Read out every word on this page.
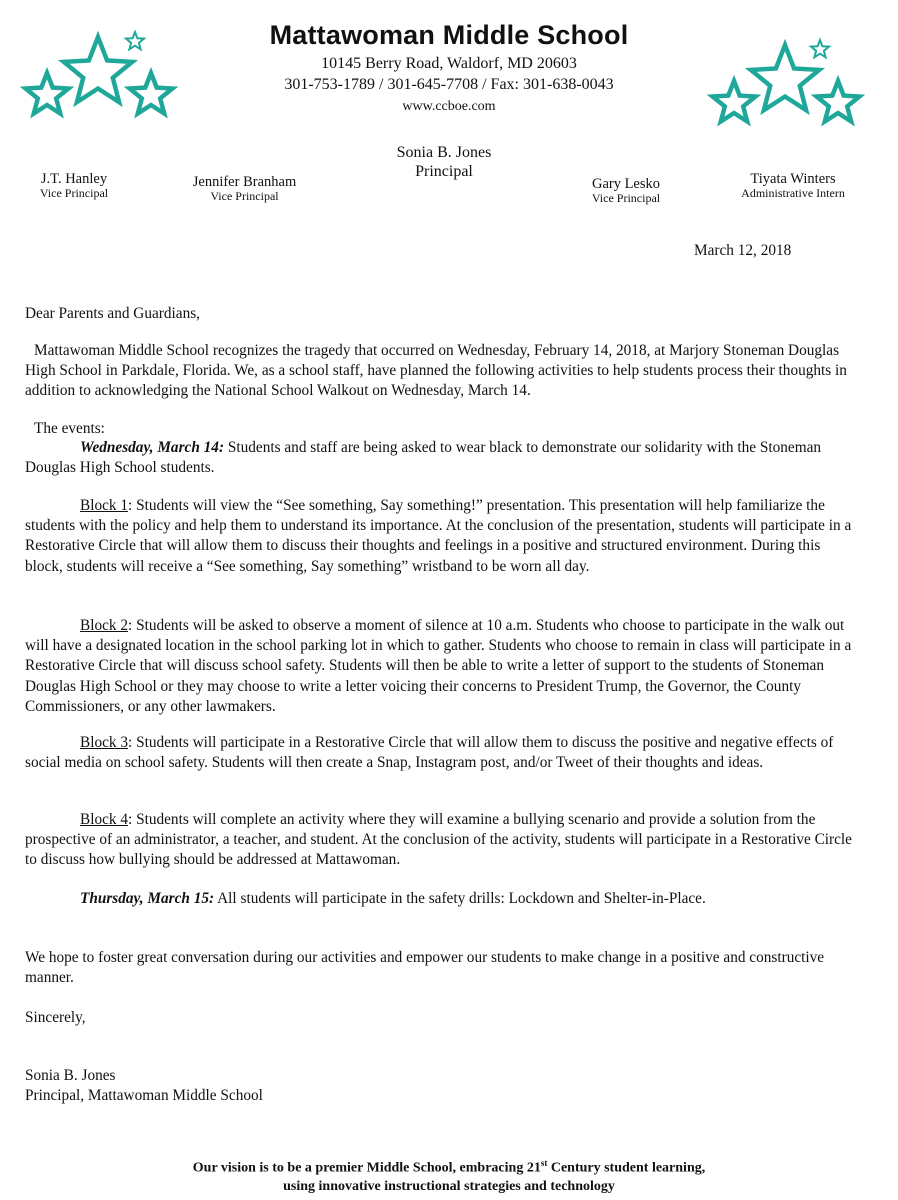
Mattawoman Middle School
10145 Berry Road, Waldorf, MD 20603
301-753-1789 / 301-645-7708 / Fax: 301-638-0043
www.ccboe.com
Sonia B. Jones
Principal
J.T. Hanley
Vice Principal
Jennifer Branham
Vice Principal
Gary Lesko
Vice Principal
Tiyata Winters
Administrative Intern
March 12, 2018
Dear Parents and Guardians,

Mattawoman Middle School recognizes the tragedy that occurred on Wednesday, February 14, 2018, at Marjory Stoneman Douglas High School in Parkdale, Florida. We, as a school staff, have planned the following activities to help students process their thoughts in addition to acknowledging the National School Walkout on Wednesday, March 14.

The events:

Wednesday, March 14: Students and staff are being asked to wear black to demonstrate our solidarity with the Stoneman Douglas High School students.

Block 1: Students will view the “See something, Say something!” presentation. This presentation will help familiarize the students with the policy and help them to understand its importance. At the conclusion of the presentation, students will participate in a Restorative Circle that will allow them to discuss their thoughts and feelings in a positive and structured environment. During this block, students will receive a “See something, Say something” wristband to be worn all day.

Block 2: Students will be asked to observe a moment of silence at 10 a.m. Students who choose to participate in the walk out will have a designated location in the school parking lot in which to gather. Students who choose to remain in class will participate in a Restorative Circle that will discuss school safety. Students will then be able to write a letter of support to the students of Stoneman Douglas High School or they may choose to write a letter voicing their concerns to President Trump, the Governor, the County Commissioners, or any other lawmakers.

Block 3: Students will participate in a Restorative Circle that will allow them to discuss the positive and negative effects of social media on school safety. Students will then create a Snap, Instagram post, and/or Tweet of their thoughts and ideas.

Block 4: Students will complete an activity where they will examine a bullying scenario and provide a solution from the prospective of an administrator, a teacher, and student. At the conclusion of the activity, students will participate in a Restorative Circle to discuss how bullying should be addressed at Mattawoman.

Thursday, March 15: All students will participate in the safety drills: Lockdown and Shelter-in-Place.

We hope to foster great conversation during our activities and empower our students to make change in a positive and constructive manner.

Sincerely,
Sonia B. Jones
Principal, Mattawoman Middle School
Our vision is to be a premier Middle School, embracing 21st Century student learning,
using innovative instructional strategies and technology
